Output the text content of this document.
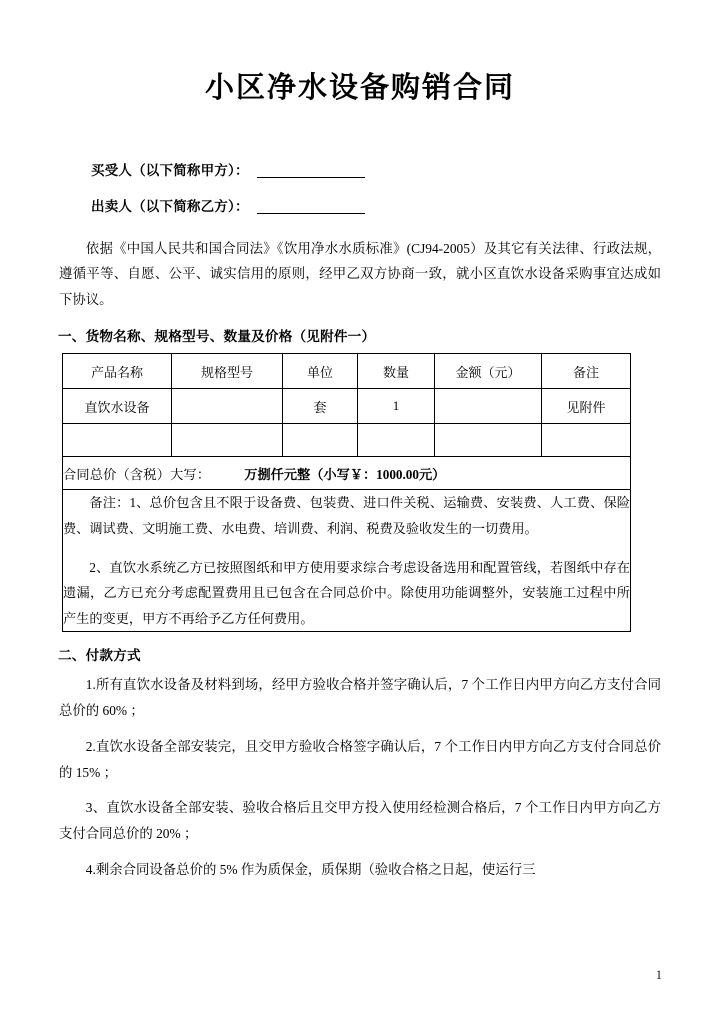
小区净水设备购销合同
买受人（以下简称甲方）：
出卖人（以下简称乙方）：

依据《中国人民共和国合同法》《饮用净水水质标准》(CJ94-2005）及其它有关法律、行政法规，遵循平等、自愿、公平、诚实信用的原则，经甲乙双方协商一致，就小区直饮水设备采购事宜达成如下协议。

一、货物名称、规格型号、数量及价格（见附件一）
产品名称	规格型号	单位	数量	金额（元）	备注
直饮水设备		套	1		见附件

合同总价（含税）大写： 万捌仟元整（小写￥：1000.00元）					

备注：1、总价包含且不限于设备费、包装费、进口件关税、运输费、安装费、人工费、保险费、调试费、文明施工费、水电费、培训费、利润、税费及验收发生的一切费用。

2、直饮水系统乙方已按照图纸和甲方使用要求综合考虑设备选用和配置管线，若图纸中存在遗漏，乙方已充分考虑配置费用且已包含在合同总价中。除使用功能调整外，安装施工过程中所产生的变更，甲方不再给予乙方任何费用。					

二、付款方式

1.所有直饮水设备及材料到场，经甲方验收合格并签字确认后，7 个工作日内甲方向乙方支付合同总价的 60% ；

2.直饮水设备全部安装完，且交甲方验收合格签字确认后，7 个工作日内甲方向乙方支付合同总价的 15% ；

3、直饮水设备全部安装、验收合格后且交甲方投入使用经检测合格后，7 个工作日内甲方向乙方支付合同总价的 20% ；

4.剩余合同设备总价的 5% 作为质保金，质保期（验收合格之日起，使运行三

1
